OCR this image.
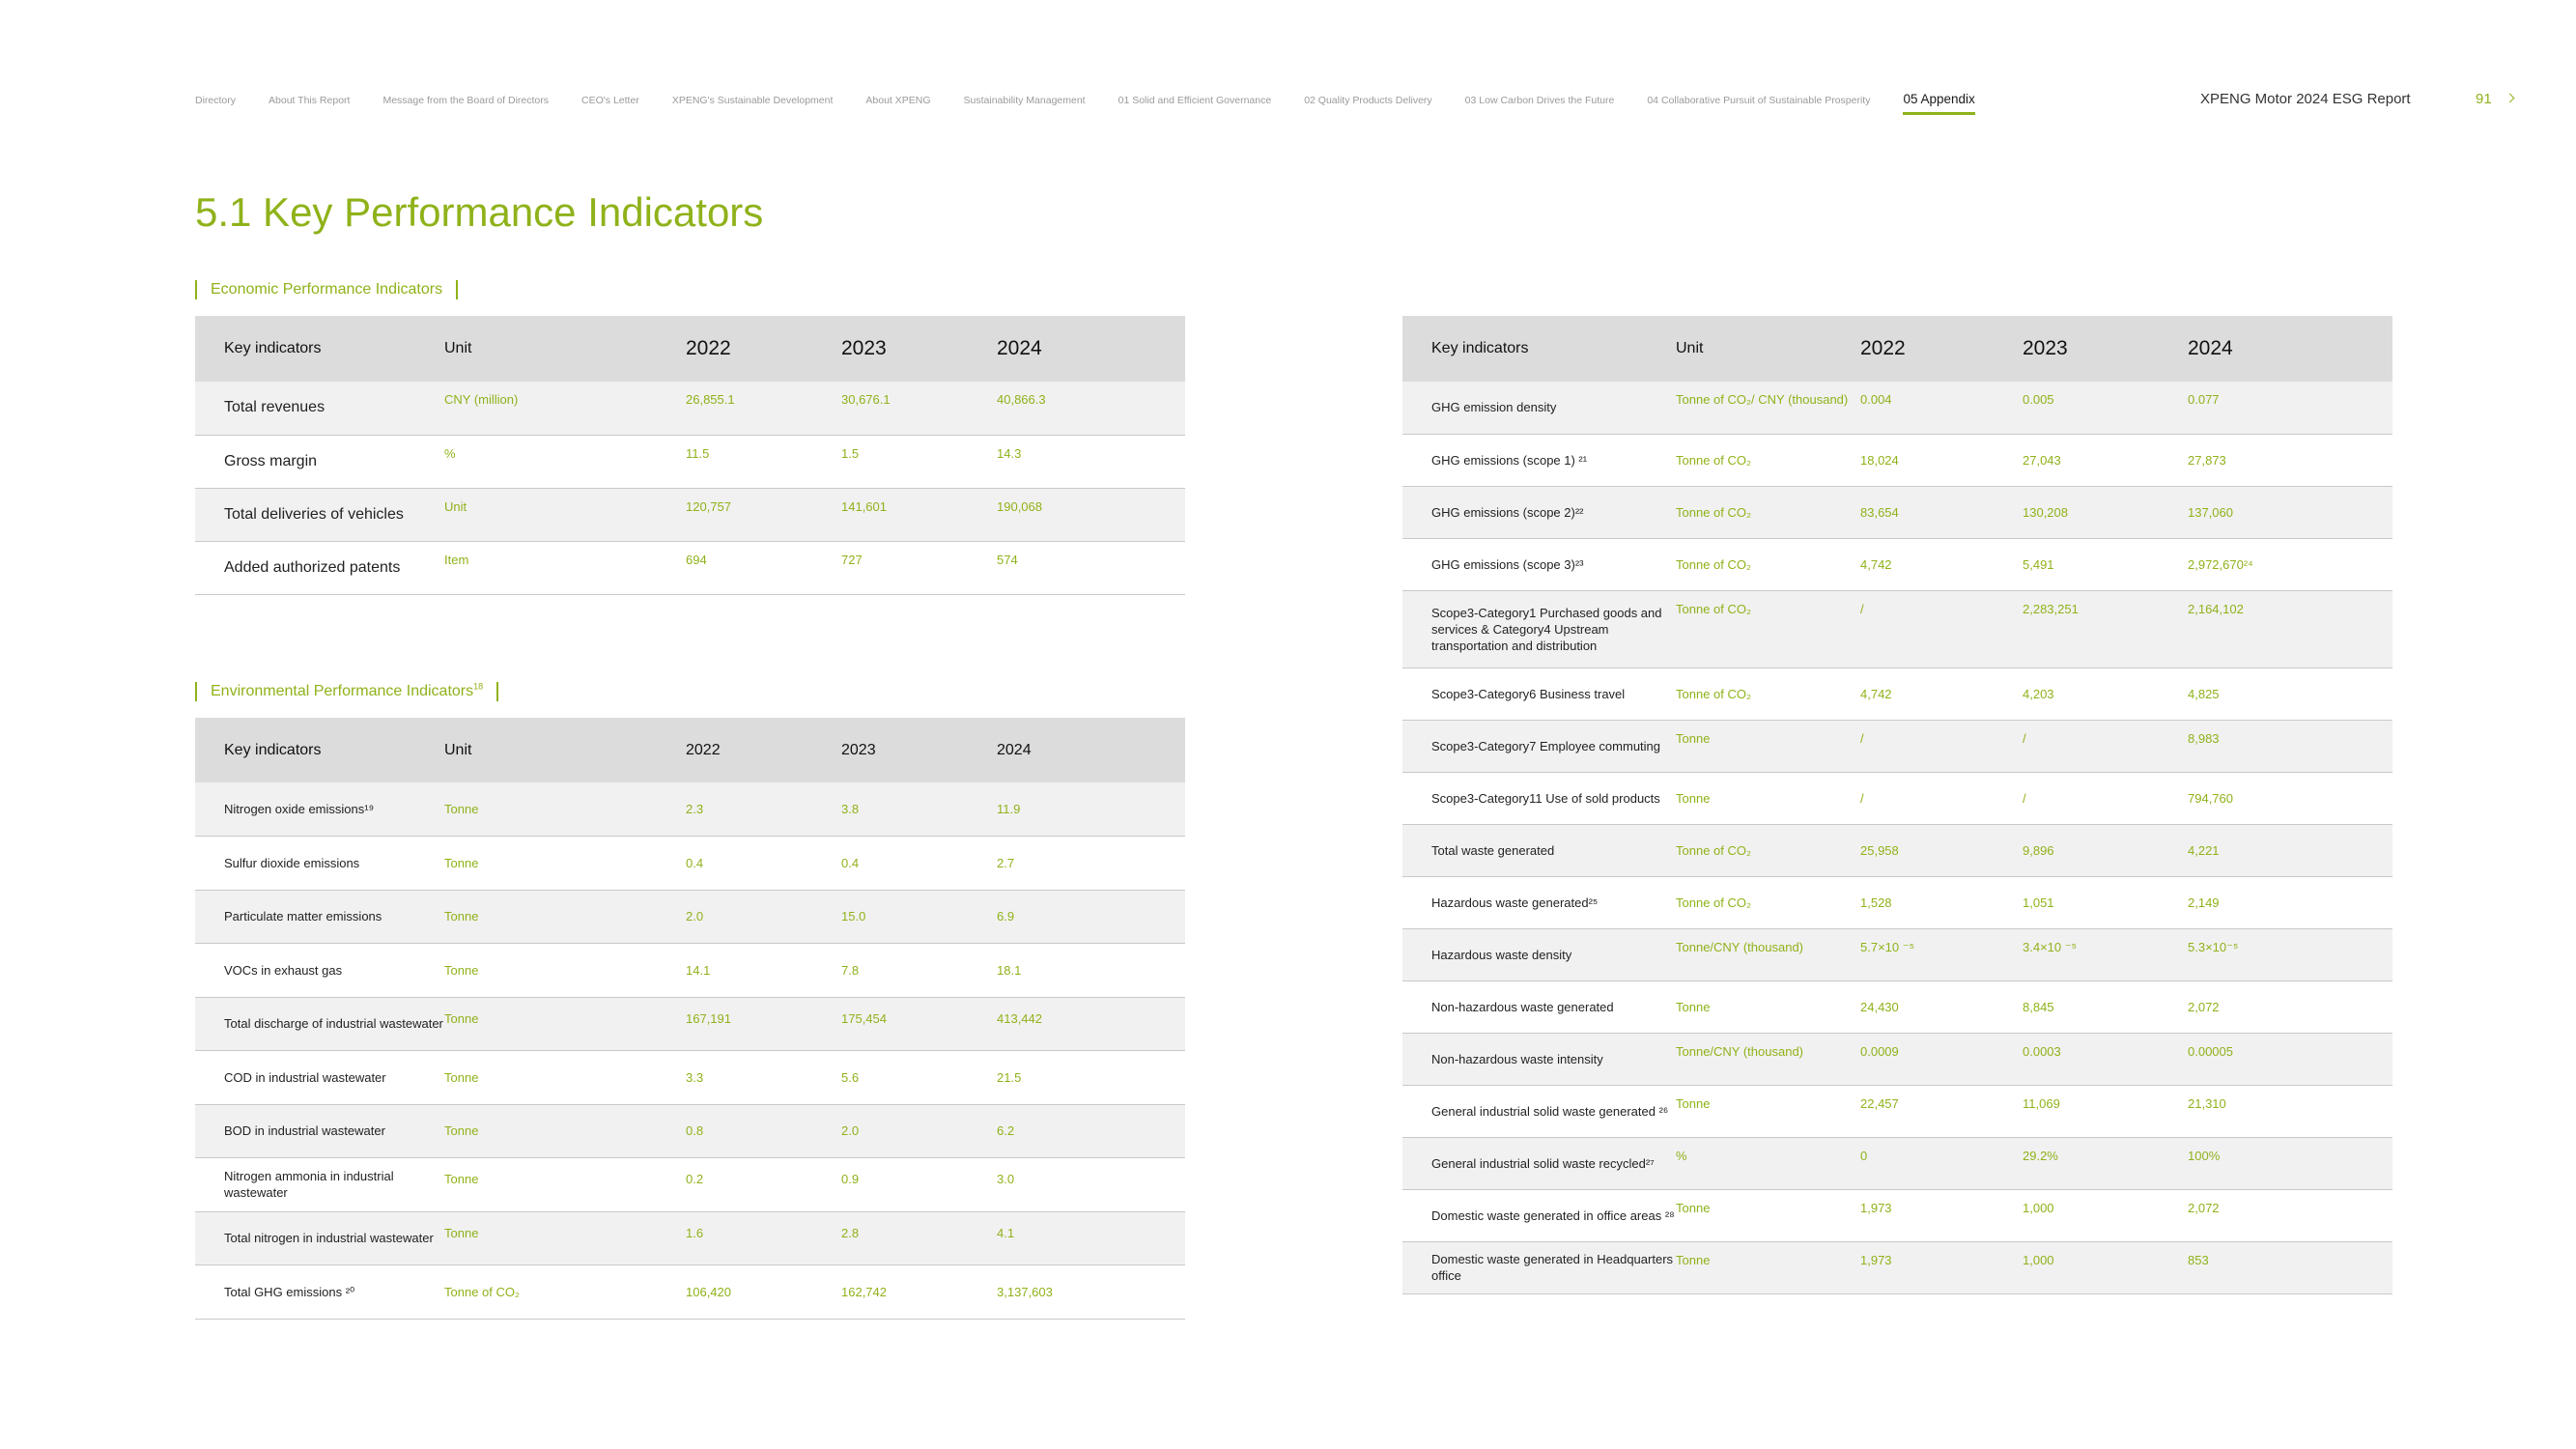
Directory	About This Report	Message from the Board of Directors	CEO's Letter	XPENG's Sustainable Development	About XPENG	Sustainability Management	01 Solid and Efficient Governance	02 Quality Products Delivery	03 Low Carbon Drives the Future	04 Collaborative Pursuit of Sustainable Prosperity	05 Appendix	XPENG Motor 2024 ESG Report	91
5.1 Key Performance Indicators
Economic Performance Indicators
Key indicators	Unit	2022	2023	2024
Total revenues	CNY (million)	26,855.1	30,676.1	40,866.3
Gross margin	%	11.5	1.5	14.3
Total deliveries of vehicles	Unit	120,757	141,601	190,068
Added authorized patents	Item	694	727	574
Environmental Performance Indicators$^{18}$
Key indicators	Unit	2022	2023	2024
Nitrogen oxide emissions¹⁹	Tonne	2.3	3.8	11.9
Sulfur dioxide emissions	Tonne	0.4	0.4	2.7
Particulate matter emissions	Tonne	2.0	15.0	6.9
VOCs in exhaust gas	Tonne	14.1	7.8	18.1
Total discharge of industrial wastewater	Tonne	167,191	175,454	413,442
COD in industrial wastewater	Tonne	3.3	5.6	21.5
BOD in industrial wastewater	Tonne	0.8	2.0	6.2
Nitrogen ammonia in industrial wastewater	Tonne	0.2	0.9	3.0
Total nitrogen in industrial wastewater	Tonne	1.6	2.8	4.1
Total GHG emissions ²⁰	Tonne of CO₂	106,420	162,742	3,137,603
Key indicators	Unit	2022	2023	2024
GHG emission density	Tonne of CO₂/ CNY (thousand)	0.004	0.005	0.077
GHG emissions (scope 1) ²¹	Tonne of CO₂	18,024	27,043	27,873
GHG emissions (scope 2)²²	Tonne of CO₂	83,654	130,208	137,060
GHG emissions (scope 3)²³	Tonne of CO₂	4,742	5,491	2,972,670²⁴
Scope3-Category1 Purchased goods and services & Category4 Upstream transportation and distribution	Tonne of CO₂	/	2,283,251	2,164,102
Scope3-Category6 Business travel	Tonne of CO₂	4,742	4,203	4,825
Scope3-Category7 Employee commuting	Tonne	/	/	8,983
Scope3-Category11 Use of sold products	Tonne	/	/	794,760
Total waste generated	Tonne of CO₂	25,958	9,896	4,221
Hazardous waste generated²⁵	Tonne of CO₂	1,528	1,051	2,149
Hazardous waste density	Tonne/CNY (thousand)	5.7×10 ⁻⁵	3.4×10 ⁻⁵	5.3×10⁻⁵
Non-hazardous waste generated	Tonne	24,430	8,845	2,072
Non-hazardous waste intensity	Tonne/CNY (thousand)	0.0009	0.0003	0.00005
General industrial solid waste generated ²⁶	Tonne	22,457	11,069	21,310
General industrial solid waste recycled²⁷	%	0	29.2%	100%
Domestic waste generated in office areas ²⁸	Tonne	1,973	1,000	2,072
Domestic waste generated in Headquarters office	Tonne	1,973	1,000	853
